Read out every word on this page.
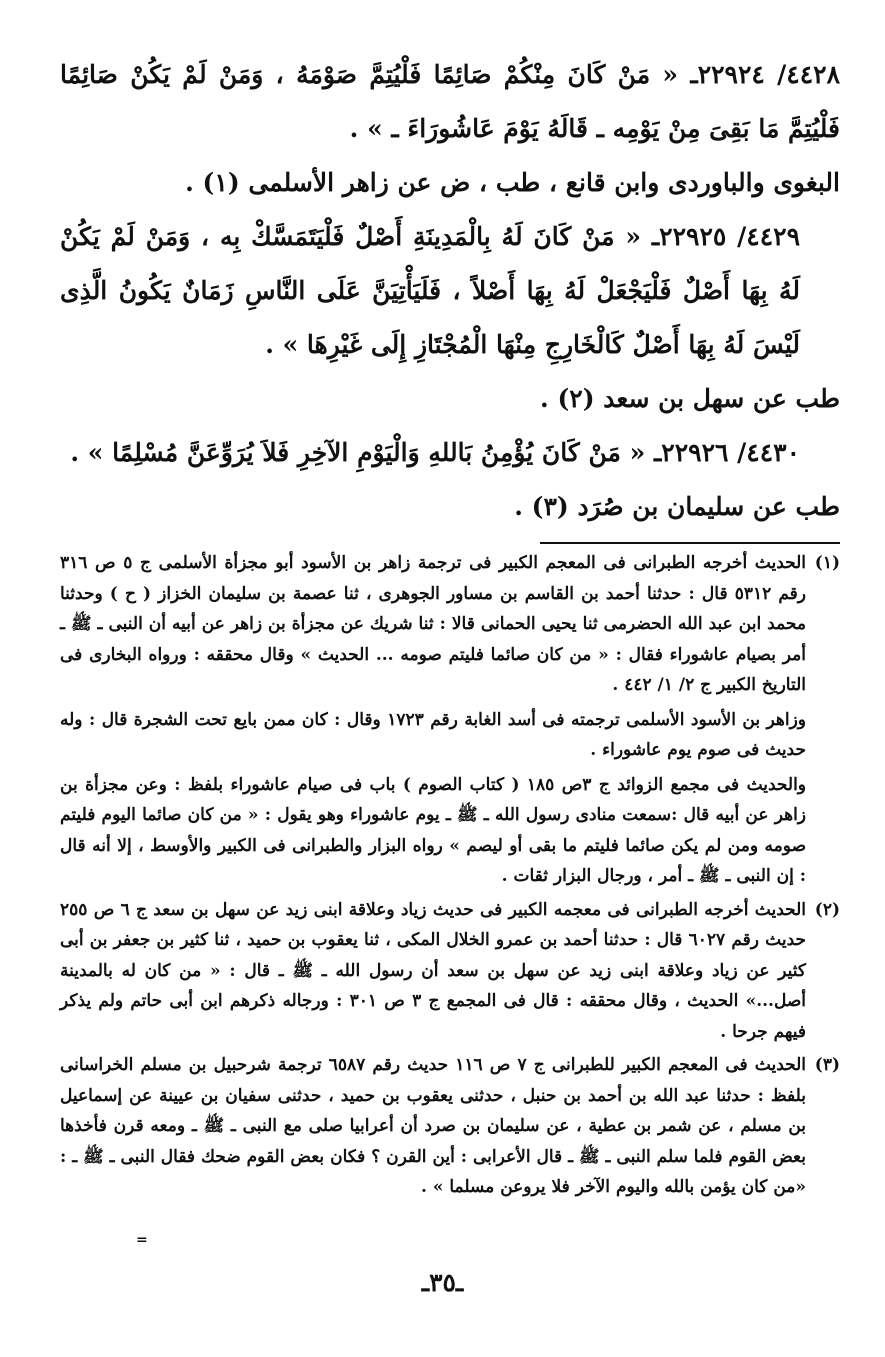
٤٤٢٨/ ٢٢٩٢٤ـ « مَنْ كَانَ مِنْكُمْ صَائِمًا فَلْيُتِمَّ صَوْمَهُ ، وَمَنْ لَمْ يَكُنْ صَائِمًا فَلْيُتِمَّ مَا بَقِىَ مِنْ يَوْمِه ـ قَالَهُ يَوْمَ عَاشُورَاءَ ـ » .

البغوى والباوردى وابن قانع ، طب ، ض عن زاهر الأسلمى (١) .

٤٤٢٩/ ٢٢٩٢٥ـ « مَنْ كَانَ لَهُ بِالْمَدِينَةِ أَصْلٌ فَلْيَتَمَسَّكْ بِه ، وَمَنْ لَمْ يَكُنْ لَهُ بِهَا أَصْلٌ فَلْيَجْعَلْ لَهُ بِهَا أَصْلاً ، فَلَيَأْتِيَنَّ عَلَى النَّاسِ زَمَانٌ يَكُونُ الَّذِى لَيْسَ لَهُ بِهَا أَصْلٌ كَالْخَارِجِ مِنْهَا الْمُجْتَازِ إِلَى غَيْرِهَا » .

طب عن سهل بن سعد (٢) .

٤٤٣٠/ ٢٢٩٢٦ـ « مَنْ كَانَ يُؤْمِنُ بَاللهِ وَالْيَوْمِ الآخِرِ فَلاَ يُرَوِّعَنَّ مُسْلِمًا » .

طب عن سليمان بن صُرَد (٣) .

(١)

الحديث أخرجه الطبرانى فى المعجم الكبير فى ترجمة زاهر بن الأسود أبو مجزأة الأسلمى ج ٥ ص ٣١٦ رقم ٥٣١٢ قال : حدثنا أحمد بن القاسم بن مساور الجوهرى ، ثنا عصمة بن سليمان الخزاز ( ح ) وحدثنا محمد ابن عبد الله الحضرمى ثنا يحيى الحمانى قالا : ثنا شريك عن مجزأة بن زاهر عن أبيه أن النبى ـ ﷺ ـ أمر بصيام عاشوراء فقال : « من كان صائما فليتم صومه ... الحديث » وقال محققه : ورواه البخارى فى التاريخ الكبير ج ٢/ ١/ ٤٤٢ .

وزاهر بن الأسود الأسلمى ترجمته فى أسد الغابة رقم ١٧٢٣ وقال : كان ممن بايع تحت الشجرة قال : وله حديث فى صوم يوم عاشوراء .

والحديث فى مجمع الزوائد ج ٣ص ١٨٥ ( كتاب الصوم ) باب فى صيام عاشوراء بلفظ : وعن مجزأة بن زاهر عن أبيه قال :سمعت منادى رسول الله ـ ﷺ ـ يوم عاشوراء وهو يقول : « من كان صائما اليوم فليتم صومه ومن لم يكن صائما فليتم ما بقى أو ليصم » رواه البزار والطبرانى فى الكبير والأوسط ، إلا أنه قال : إن النبى ـ ﷺ ـ أمر ، ورجال البزار ثقات .

(٢)

الحديث أخرجه الطبرانى فى معجمه الكبير فى حديث زياد وعلاقة ابنى زيد عن سهل بن سعد ج ٦ ص ٢٥٥ حديث رقم ٦٠٢٧ قال : حدثنا أحمد بن عمرو الخلال المكى ، ثنا يعقوب بن حميد ، ثنا كثير بن جعفر بن أبى كثير عن زياد وعلاقة ابنى زيد عن سهل بن سعد أن رسول الله ـ ﷺ ـ قال : « من كان له بالمدينة أصل...» الحديث ، وقال محققه : قال فى المجمع ج ٣ ص ٣٠١ : ورجاله ذكرهم ابن أبى حاتم ولم يذكر فيهم جرحا .

(٣)

الحديث فى المعجم الكبير للطبرانى ج ٧ ص ١١٦ حديث رقم ٦٥٨٧ ترجمة شرحبيل بن مسلم الخراسانى بلفظ : حدثنا عبد الله بن أحمد بن حنبل ، حدثنى يعقوب بن حميد ، حدثنى سفيان بن عيينة عن إسماعيل بن مسلم ، عن شمر بن عطية ، عن سليمان بن صرد أن أعرابيا صلى مع النبى ـ ﷺ ـ ومعه قرن فأخذها بعض القوم فلما سلم النبى ـ ﷺ ـ قال الأعرابى : أين القرن ؟ فكان بعض القوم ضحك فقال النبى ـ ﷺ ـ : «من كان يؤمن بالله واليوم الآخر فلا يروعن مسلما » .

=
ـ٣٥ـ
